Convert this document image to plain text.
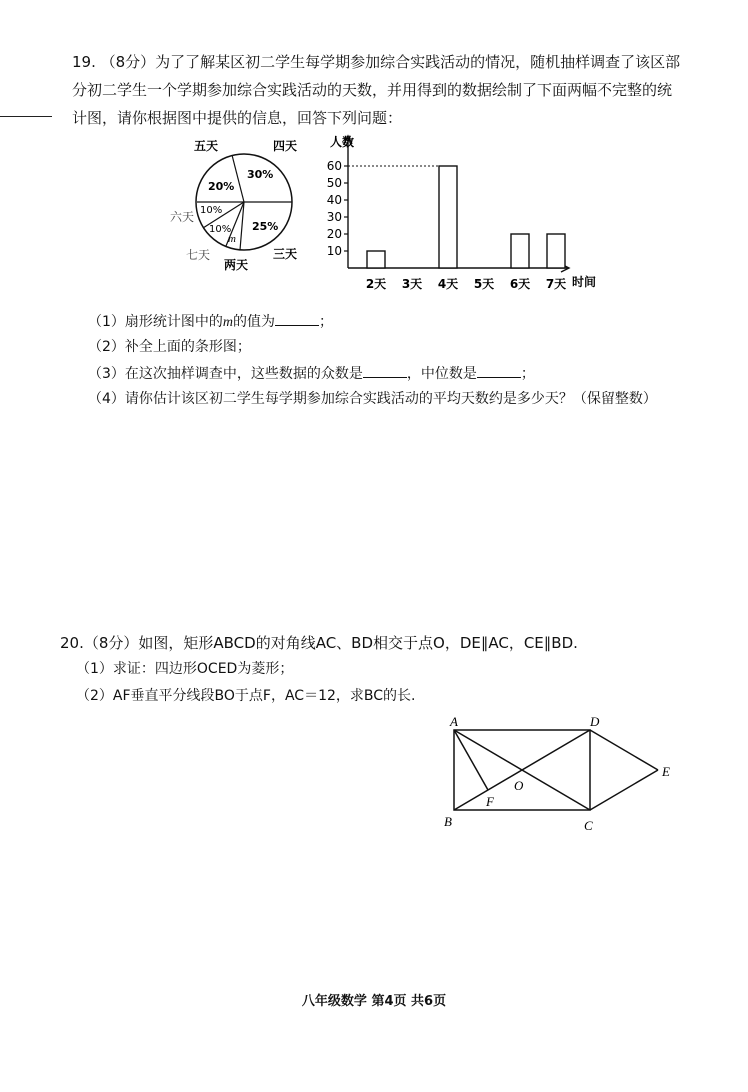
19. （8分）为了了解某区初二学生每学期参加综合实践活动的情况，随机抽样调查了该区部
分初二学生一个学期参加综合实践活动的天数，并用得到的数据绘制了下面两幅不完整的统
计图，请你根据图中提供的信息，回答下列问题：
20%
30%
25%
10%
10%
m
五天	四天
三天
两天
六天
七天	10
20
30
40
50
60
2天 3天 4天 5天 6天 7天
人数
时间
（1）扇形统计图中的m的值为	；
（2）补全上面的条形图；
（3）在这次抽样调查中，这些数据的众数是	，中位数是	；
（4）请你估计该区初二学生每学期参加综合实践活动的平均天数约是多少天？（保留整数）
20.（8分）如图，矩形ABCD的对角线AC、BD相交于点O，DE∥AC，CE∥BD.
（1）求证：四边形OCED为菱形；
（2）AF垂直平分线段BO于点F，AC＝12，求BC的长.
A	D
B	C
E
F
O
八年级数学 第4页 共6页
